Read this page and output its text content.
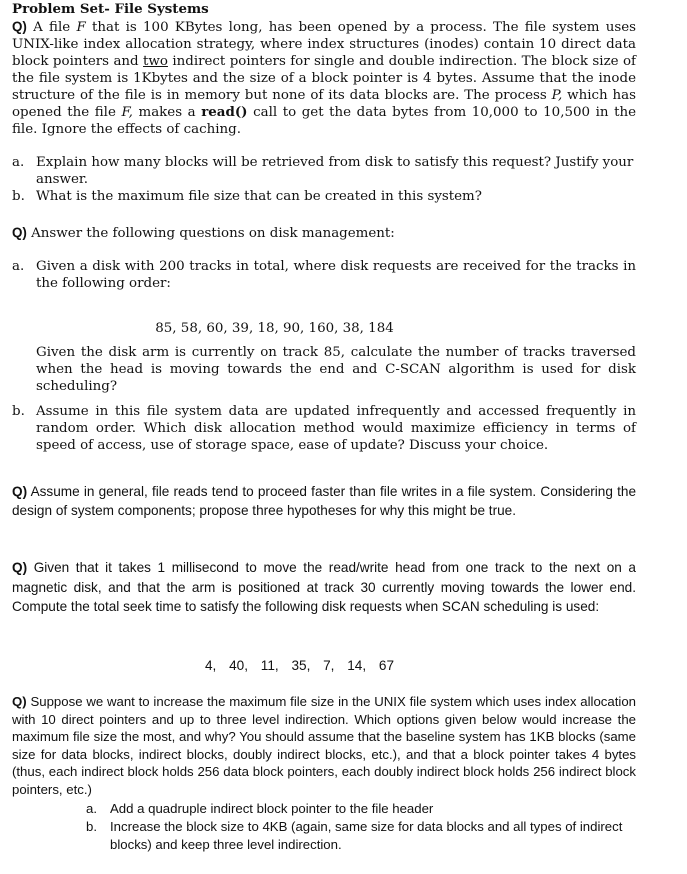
Problem Set- File Systems
Q) A file F that is 100 KBytes long, has been opened by a process. The file system uses UNIX-like index allocation strategy, where index structures (inodes) contain 10 direct data block pointers and two indirect pointers for single and double indirection. The block size of the file system is 1Kbytes and the size of a block pointer is 4 bytes. Assume that the inode structure of the file is in memory but none of its data blocks are. The process P, which has opened the file F, makes a read() call to get the data bytes from 10,000 to 10,500 in the file. Ignore the effects of caching.
a. Explain how many blocks will be retrieved from disk to satisfy this request? Justify your answer.
b. What is the maximum file size that can be created in this system?
Q) Answer the following questions on disk management:
a. Given a disk with 200 tracks in total, where disk requests are received for the tracks in the following order:
85, 58, 60, 39, 18, 90, 160, 38, 184
Given the disk arm is currently on track 85, calculate the number of tracks traversed when the head is moving towards the end and C-SCAN algorithm is used for disk scheduling?
b. Assume in this file system data are updated infrequently and accessed frequently in random order. Which disk allocation method would maximize efficiency in terms of speed of access, use of storage space, ease of update? Discuss your choice.
Q) Assume in general, file reads tend to proceed faster than file writes in a file system. Considering the design of system components; propose three hypotheses for why this might be true.
Q) Given that it takes 1 millisecond to move the read/write head from one track to the next on a magnetic disk, and that the arm is positioned at track 30 currently moving towards the lower end. Compute the total seek time to satisfy the following disk requests when SCAN scheduling is used:
4, 40, 11, 35, 7, 14, 67
Q) Suppose we want to increase the maximum file size in the UNIX file system which uses index allocation with 10 direct pointers and up to three level indirection. Which options given below would increase the maximum file size the most, and why? You should assume that the baseline system has 1KB blocks (same size for data blocks, indirect blocks, doubly indirect blocks, etc.), and that a block pointer takes 4 bytes (thus, each indirect block holds 256 data block pointers, each doubly indirect block holds 256 indirect block pointers, etc.)
a. Add a quadruple indirect block pointer to the file header
b. Increase the block size to 4KB (again, same size for data blocks and all types of indirect blocks) and keep three level indirection.
